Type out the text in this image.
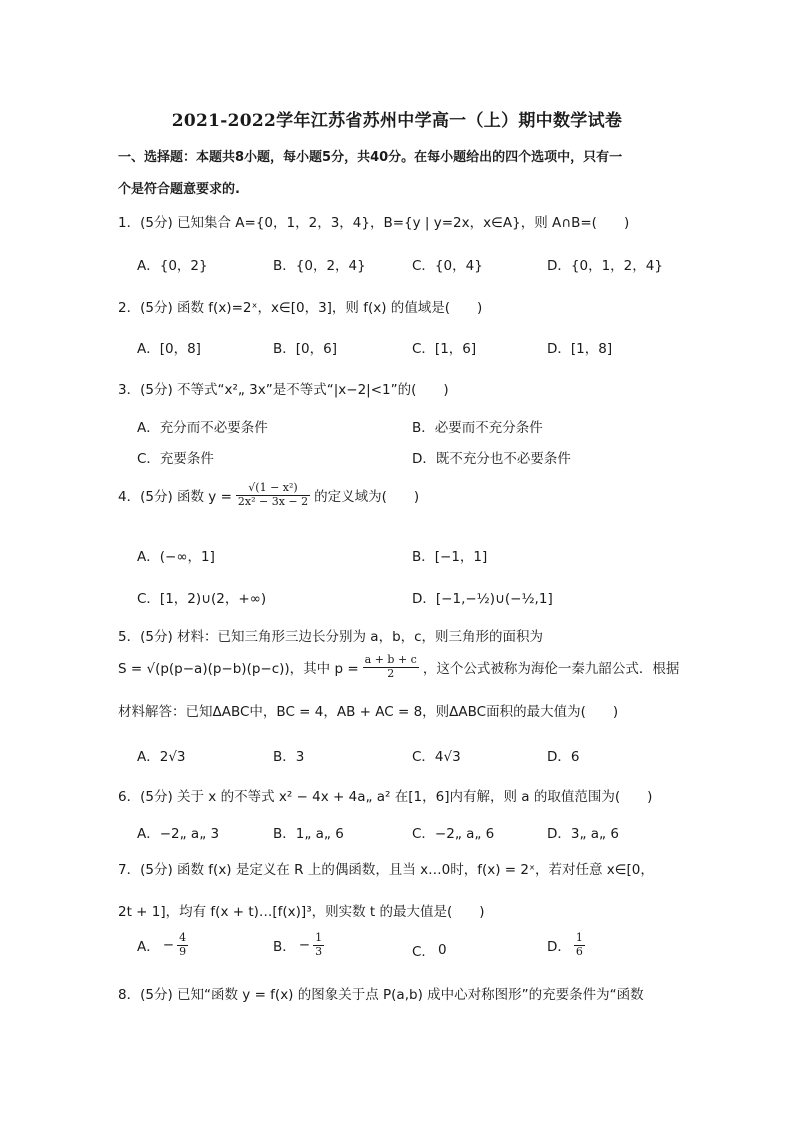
2021-2022学年江苏省苏州中学高一（上）期中数学试卷
一、选择题：本题共8小题，每小题5分，共40分。在每小题给出的四个选项中，只有一
个是符合题意要求的.
1．(5分) 已知集合 A={0，1，2，3，4}，B={y | y=2x，x∈A}，则 A∩B=(　　)
A．{0，2}	B．{0，2，4}	C．{0，4}	D．{0，1，2，4}
2．(5分) 函数 f(x)=2ˣ，x∈[0，3]，则 f(x) 的值域是(　　)
A．[0，8]	B．[0，6]	C．[1，6]	D．[1，8]
3．(5分) 不等式“x²„ 3x”是不等式“|x−2|<1”的(　　)
A．充分而不必要条件	B．必要而不充分条件
C．充要条件	D．既不充分也不必要条件
4．(5分) 函数 $y = \frac{\text{√(1 − x²)}}{\text{2x² − 3x − 2}}$ 的定义域为(　　)
A．(−∞，1]	B．[−1，1]
C．[1，2)∪(2，+∞)	D．[−1,−½)∪(−½,1]
5．(5分) 材料：已知三角形三边长分别为 a，b，c，则三角形的面积为
S = √(p(p−a)(p−b)(p−c))，其中 $p = \frac{a + b + c}{2}$ ，这个公式被称为海伦一秦九韶公式．根据
材料解答：已知ΔABC中，BC = 4，AB + AC = 8，则ΔABC面积的最大值为(　　)
A．2√3	B．3	C．4√3	D．6
6．(5分) 关于 x 的不等式 x² − 4x + 4a„ a² 在[1，6]内有解，则 a 的取值范围为(　　)
A．−2„ a„ 3	B．1„ a„ 6	C．−2„ a„ 6	D．3„ a„ 6
7．(5分) 函数 f(x) 是定义在 R 上的偶函数，且当 x…0时，f(x) = 2ˣ，若对任意 x∈[0，
2t + 1]，均有 f(x + t)…[f(x)]³，则实数 t 的最大值是(　　)
A． − $\frac{4}{9}$	B． − $\frac{1}{3}$	C． 0	D． $\frac{1}{6}$
8．(5分) 已知“函数 y = f(x) 的图象关于点 P(a,b) 成中心对称图形”的充要条件为“函数
